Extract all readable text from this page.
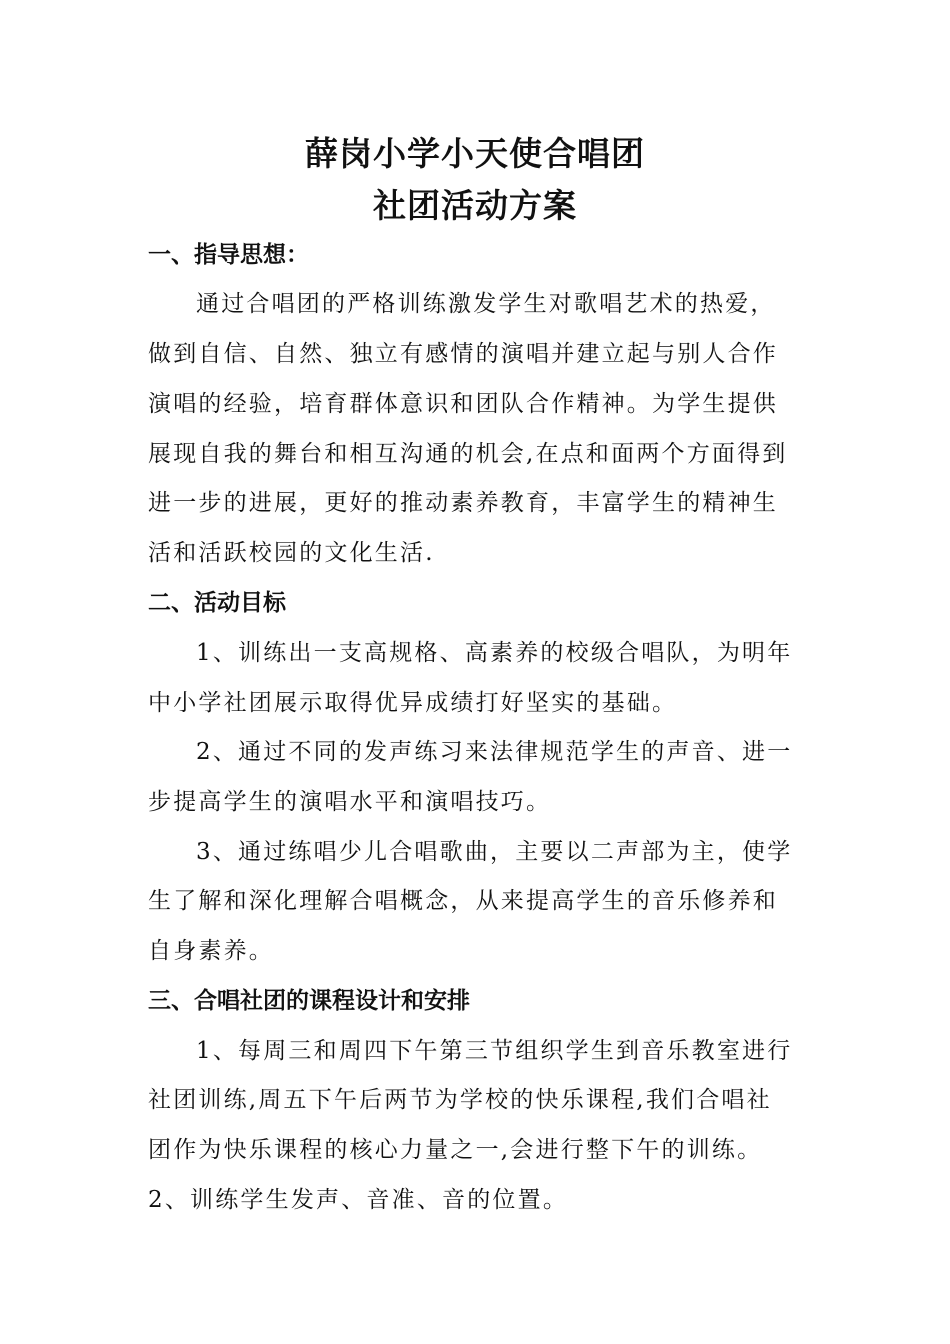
薛岗小学小天使合唱团
社团活动方案
一、指导思想：
通过合唱团的严格训练激发学生对歌唱艺术的热爱，
做到自信、自然、独立有感情的演唱并建立起与别人合作
演唱的经验，培育群体意识和团队合作精神。为学生提供
展现自我的舞台和相互沟通的机会,在点和面两个方面得到
进一步的进展，更好的推动素养教育，丰富学生的精神生
活和活跃校园的文化生活.
二、活动目标
1、训练出一支高规格、高素养的校级合唱队，为明年
中小学社团展示取得优异成绩打好坚实的基础。
2、通过不同的发声练习来法律规范学生的声音、进一
步提高学生的演唱水平和演唱技巧。
3、通过练唱少儿合唱歌曲，主要以二声部为主，使学
生了解和深化理解合唱概念，从来提高学生的音乐修养和
自身素养。
三、合唱社团的课程设计和安排
1、每周三和周四下午第三节组织学生到音乐教室进行
社团训练,周五下午后两节为学校的快乐课程,我们合唱社
团作为快乐课程的核心力量之一,会进行整下午的训练。
2、训练学生发声、音准、音的位置。
